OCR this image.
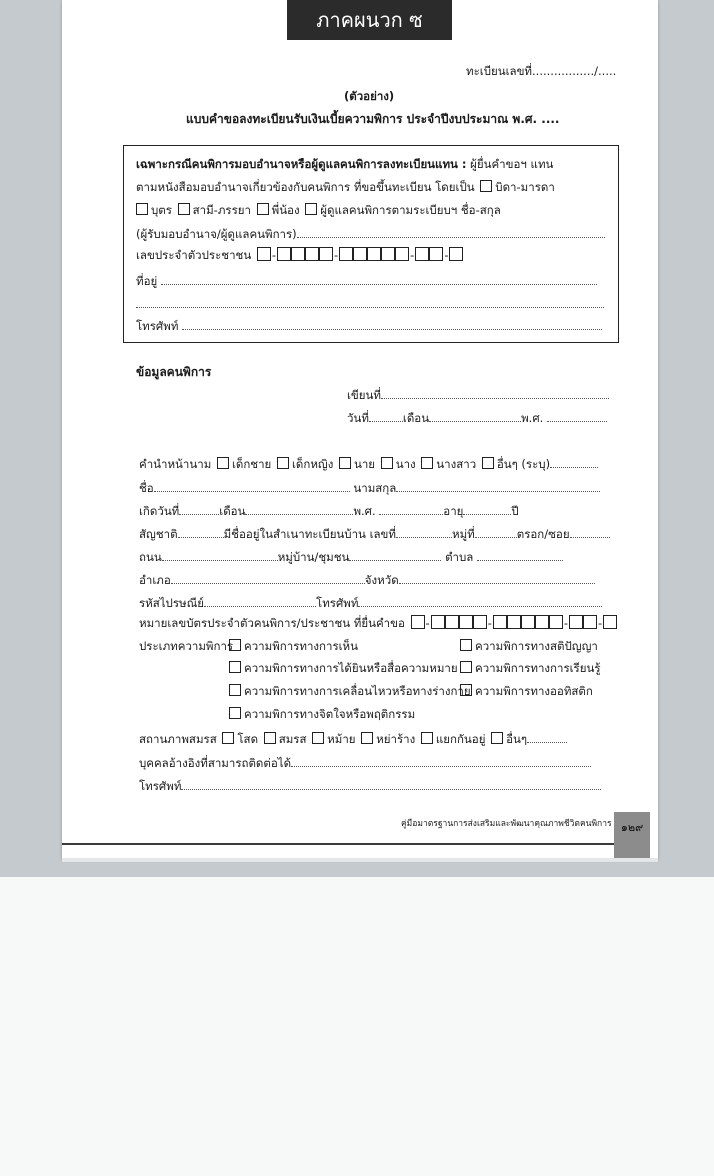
ภาคผนวก ซ
ทะเบียนเลขที่................./.....
(ตัวอย่าง)
แบบคำขอลงทะเบียนรับเงินเบี้ยความพิการ ประจำปีงบประมาณ พ.ศ. ....
เฉพาะกรณีคนพิการมอบอำนาจหรือผู้ดูแลคนพิการลงทะเบียนแทน : ผู้ยื่นคำขอฯ แทน
ตามหนังสือมอบอำนาจเกี่ยวข้องกับคนพิการ ที่ขอขึ้นทะเบียน โดยเป็น บิดา-มารดา
บุตร สามี-ภรรยา พี่น้อง ผู้ดูแลคนพิการตามระเบียบฯ ชื่อ-สกุล
(ผู้รับมอบอำนาจ/ผู้ดูแลคนพิการ)
เลขประจำตัวประชาชน -	-	-	-
ที่อยู่
โทรศัพท์
ข้อมูลคนพิการ
เขียนที่
วันที่	เดือน	พ.ศ.
คำนำหน้านาม เด็กชาย เด็กหญิง นาย นาง นางสาว อื่นๆ (ระบุ)
ชื่อ	นามสกุล
เกิดวันที่	เดือน	พ.ศ.	อายุ	ปี
สัญชาติ	มีชื่ออยู่ในสำเนาทะเบียนบ้าน เลขที่	หมู่ที่	ตรอก/ซอย
ถนน	หมู่บ้าน/ชุมชน	ตำบล
อำเภอ	จังหวัด
รหัสไปรษณีย์	โทรศัพท์
หมายเลขบัตรประจำตัวคนพิการ/ประชาชน ที่ยื่นคำขอ -	-	-	-
ประเภทความพิการ ความพิการทางการเห็น	ความพิการทางสติปัญญา
ความพิการทางการได้ยินหรือสื่อความหมาย	ความพิการทางการเรียนรู้
ความพิการทางการเคลื่อนไหวหรือทางร่างกาย ความพิการทางออทิสติก
ความพิการทางจิตใจหรือพฤติกรรม
สถานภาพสมรส โสด สมรส หม้าย หย่าร้าง แยกกันอยู่ อื่นๆ
บุคคลอ้างอิงที่สามารถติดต่อได้
โทรศัพท์
คู่มือมาตรฐานการส่งเสริมและพัฒนาคุณภาพชีวิตคนพิการ ๑๒๙
